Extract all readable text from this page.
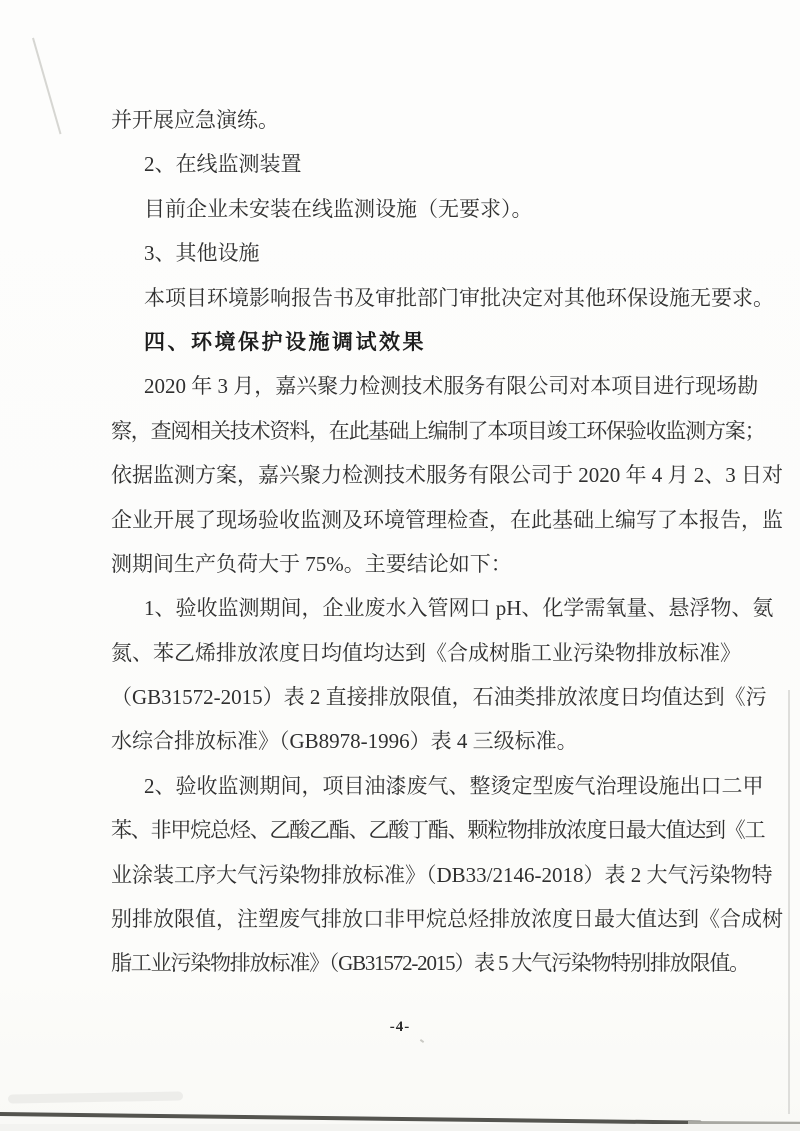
并开展应急演练。
2、在线监测装置
目前企业未安装在线监测设施（无要求）。
3、其他设施
本项目环境影响报告书及审批部门审批决定对其他环保设施无要求。
四、环境保护设施调试效果
2020 年 3 月，嘉兴聚力检测技术服务有限公司对本项目进行现场勘
察，查阅相关技术资料，在此基础上编制了本项目竣工环保验收监测方案；
依据监测方案，嘉兴聚力检测技术服务有限公司于 2020 年 4 月 2、3 日对
企业开展了现场验收监测及环境管理检查，在此基础上编写了本报告，监
测期间生产负荷大于 75%。主要结论如下：
1、验收监测期间，企业废水入管网口 pH、化学需氧量、悬浮物、氨
氮、苯乙烯排放浓度日均值均达到《合成树脂工业污染物排放标准》
（GB31572-2015）表 2 直接排放限值，石油类排放浓度日均值达到《污
水综合排放标准》（GB8978-1996）表 4 三级标准。
2、验收监测期间，项目油漆废气、整烫定型废气治理设施出口二甲
苯、非甲烷总烃、乙酸乙酯、乙酸丁酯、颗粒物排放浓度日最大值达到《工
业涂装工序大气污染物排放标准》（DB33/2146-2018）表 2 大气污染物特
别排放限值，注塑废气排放口非甲烷总烃排放浓度日最大值达到《合成树
脂工业污染物排放标准》（GB31572-2015）表 5 大气污染物特别排放限值。
-4-
